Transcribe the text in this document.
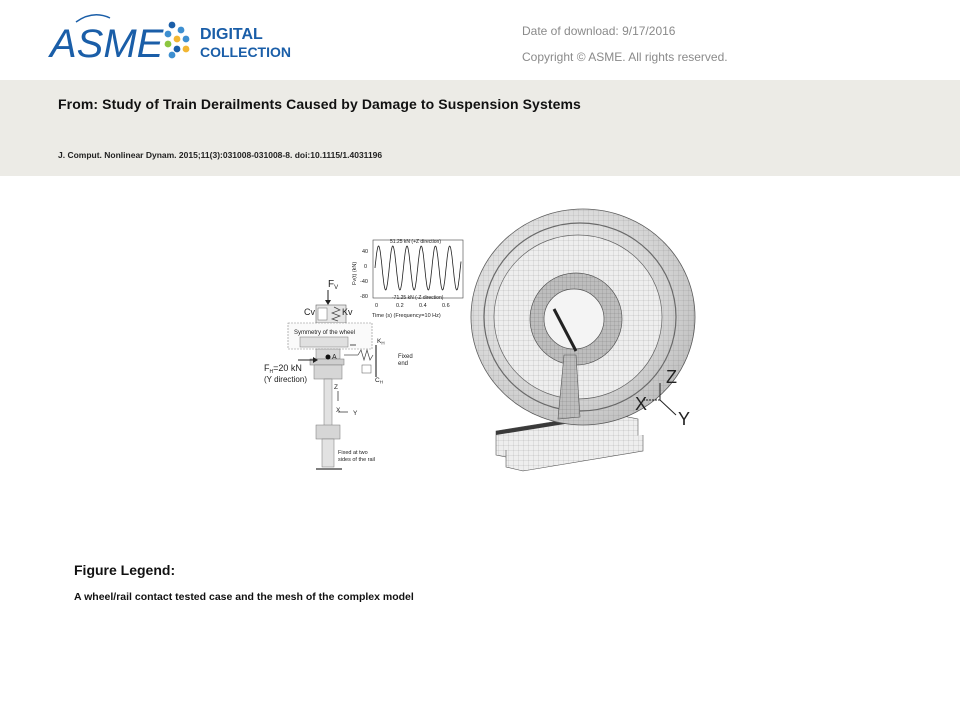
ASME DIGITAL
COLLECTION
Date of download: 9/17/2016
Copyright © ASME. All rights reserved.
From: Study of Train Derailments Caused by Damage to Suspension Systems
J. Comput. Nonlinear Dynam. 2015;11(3):031008-031008-8. doi:10.1115/1.4031196
$F_V$
Cv	Kv
Symmetry of the wheel
A
$K_H$
$C_H$
Fixed
end
$F_H=20$ kN
(Y direction)
Z
X Y
Fixed at two
sides of the rail
51.25 kN (+Z direction)
-71.25 kN (-Z direction)
40
0
-40
-80
Fv(t) (kN)
0	0.2	0.4	0.6
Time (s) (Frequency=10 Hz)
Z
X
Y
Figure Legend:
A wheel/rail contact tested case and the mesh of the complex model
